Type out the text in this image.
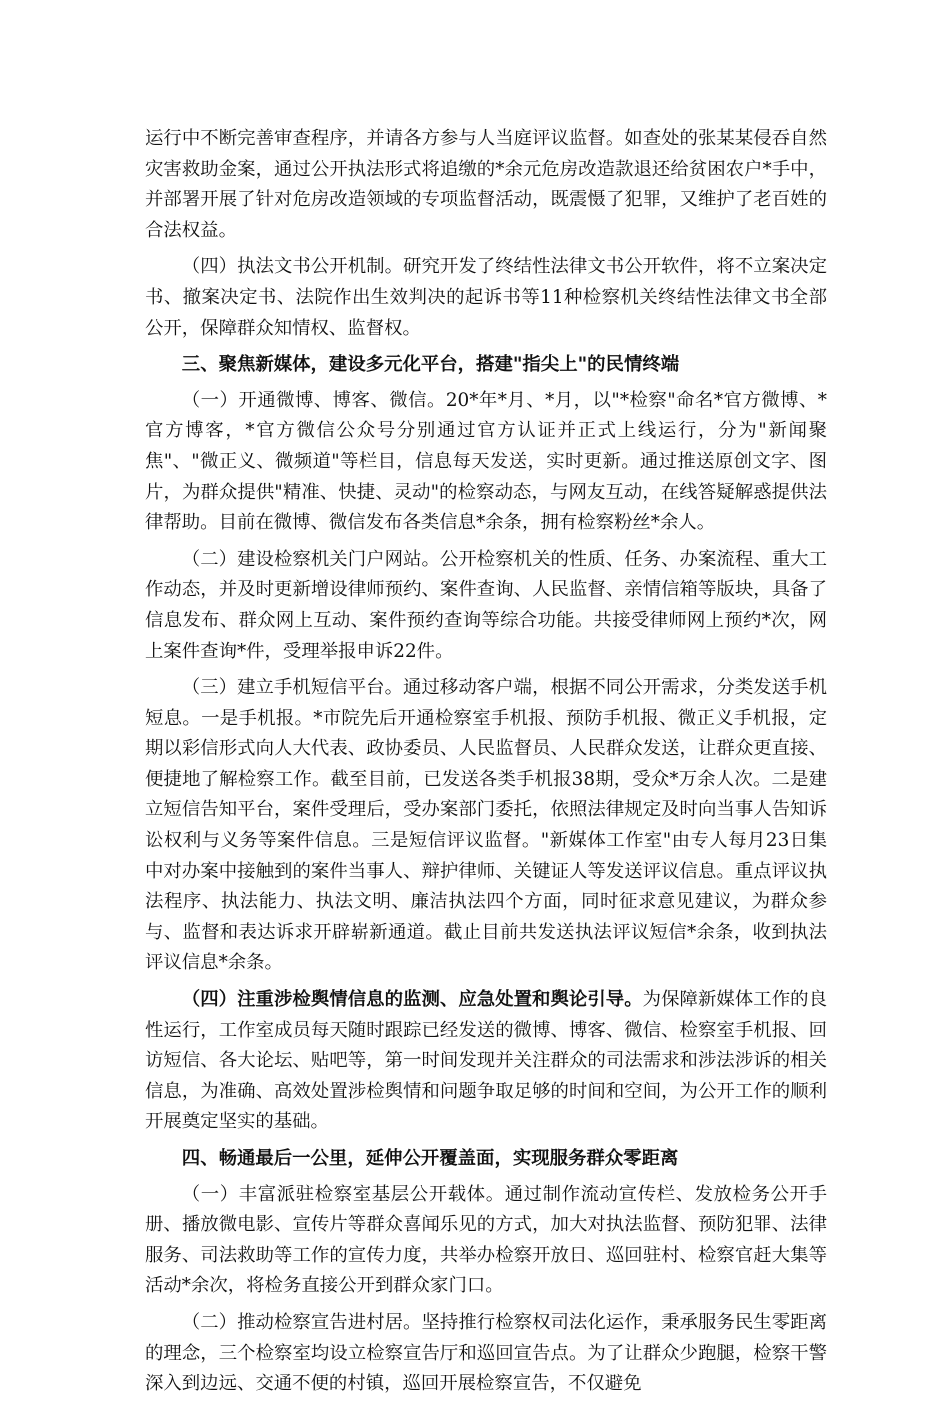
运行中不断完善审查程序，并请各方参与人当庭评议监督。如查处的张某某侵吞自然灾害救助金案，通过公开执法形式将追缴的*余元危房改造款退还给贫困农户*手中，并部署开展了针对危房改造领域的专项监督活动，既震慑了犯罪，又维护了老百姓的合法权益。

（四）执法文书公开机制。研究开发了终结性法律文书公开软件，将不立案决定书、撤案决定书、法院作出生效判决的起诉书等11种检察机关终结性法律文书全部公开，保障群众知情权、监督权。

三、聚焦新媒体，建设多元化平台，搭建"指尖上"的民情终端

（一）开通微博、博客、微信。20*年*月、*月，以"*检察"命名*官方微博、*官方博客，*官方微信公众号分别通过官方认证并正式上线运行，分为"新闻聚焦"、"微正义、微频道"等栏目，信息每天发送，实时更新。通过推送原创文字、图片，为群众提供"精准、快捷、灵动"的检察动态，与网友互动，在线答疑解惑提供法律帮助。目前在微博、微信发布各类信息*余条，拥有检察粉丝*余人。

（二）建设检察机关门户网站。公开检察机关的性质、任务、办案流程、重大工作动态，并及时更新增设律师预约、案件查询、人民监督、亲情信箱等版块，具备了信息发布、群众网上互动、案件预约查询等综合功能。共接受律师网上预约*次，网上案件查询*件，受理举报申诉22件。

（三）建立手机短信平台。通过移动客户端，根据不同公开需求，分类发送手机短息。一是手机报。*市院先后开通检察室手机报、预防手机报、微正义手机报，定期以彩信形式向人大代表、政协委员、人民监督员、人民群众发送，让群众更直接、便捷地了解检察工作。截至目前，已发送各类手机报38期，受众*万余人次。二是建立短信告知平台，案件受理后，受办案部门委托，依照法律规定及时向当事人告知诉讼权利与义务等案件信息。三是短信评议监督。"新媒体工作室"由专人每月23日集中对办案中接触到的案件当事人、辩护律师、关键证人等发送评议信息。重点评议执法程序、执法能力、执法文明、廉洁执法四个方面，同时征求意见建议，为群众参与、监督和表达诉求开辟崭新通道。截止目前共发送执法评议短信*余条，收到执法评议信息*余条。

（四）注重涉检舆情信息的监测、应急处置和舆论引导。为保障新媒体工作的良性运行，工作室成员每天随时跟踪已经发送的微博、博客、微信、检察室手机报、回访短信、各大论坛、贴吧等，第一时间发现并关注群众的司法需求和涉法涉诉的相关信息，为准确、高效处置涉检舆情和问题争取足够的时间和空间，为公开工作的顺利开展奠定坚实的基础。

四、畅通最后一公里，延伸公开覆盖面，实现服务群众零距离

（一）丰富派驻检察室基层公开载体。通过制作流动宣传栏、发放检务公开手册、播放微电影、宣传片等群众喜闻乐见的方式，加大对执法监督、预防犯罪、法律服务、司法救助等工作的宣传力度，共举办检察开放日、巡回驻村、检察官赶大集等活动*余次，将检务直接公开到群众家门口。

（二）推动检察宣告进村居。坚持推行检察权司法化运作，秉承服务民生零距离的理念，三个检察室均设立检察宣告厅和巡回宣告点。为了让群众少跑腿，检察干警深入到边远、交通不便的村镇，巡回开展检察宣告，不仅避免
